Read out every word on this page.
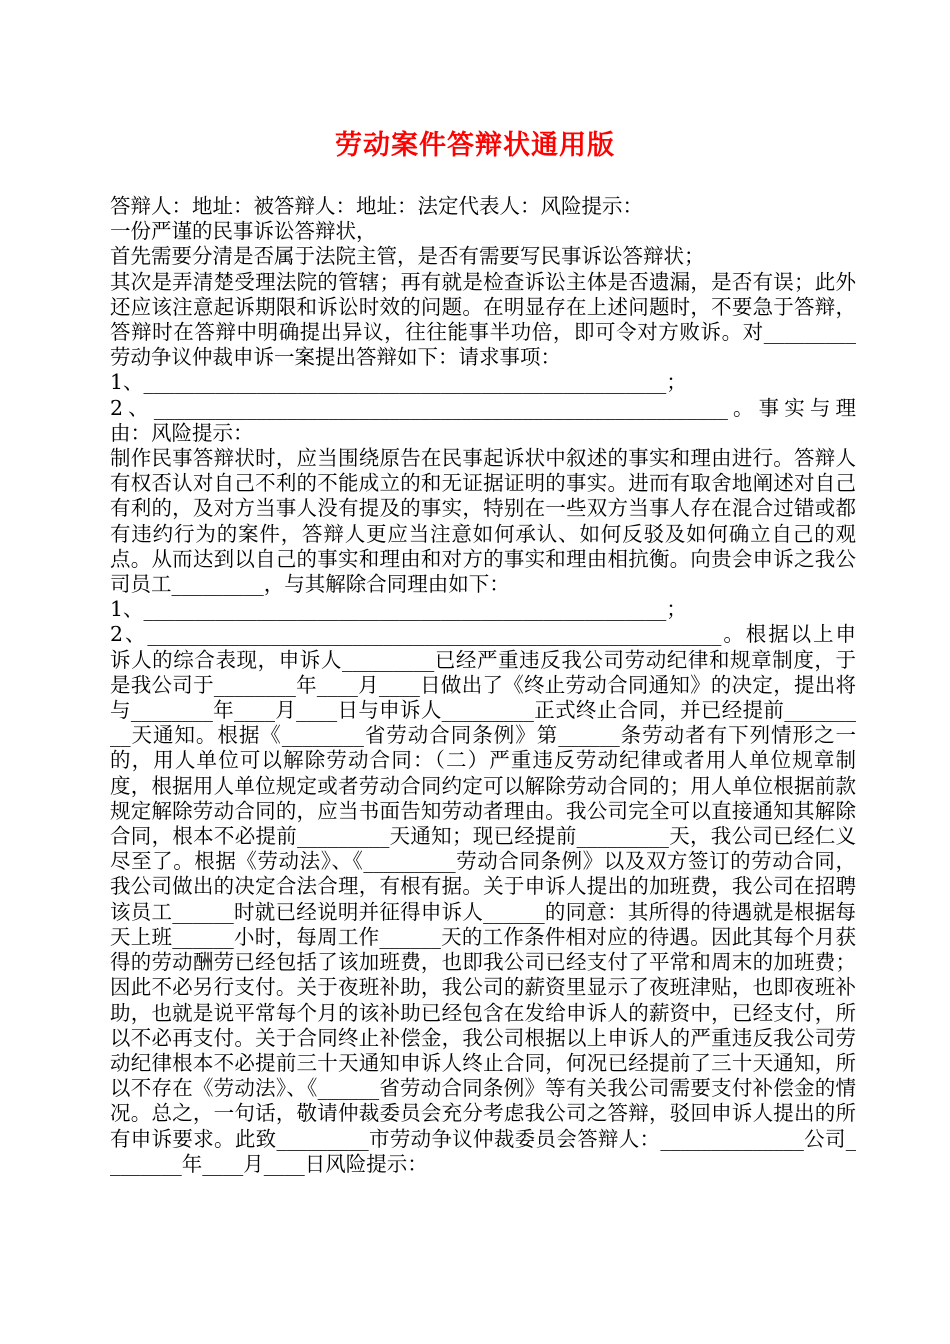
劳动案件答辩状通用版

答辩人：地址：被答辩人：地址：法定代表人：风险提示：

一份严谨的民事诉讼答辩状，

首先需要分清是否属于法院主管，是否有需要写民事诉讼答辩状；

其次是弄清楚受理法院的管辖；再有就是检查诉讼主体是否遗漏，是否有误；此外还应该注意起诉期限和诉讼时效的问题。在明显存在上述问题时，不要急于答辩，答辩时在答辩中明确提出异议，往往能事半功倍，即可令对方败诉。对_________劳动争议仲裁申诉一案提出答辩如下：请求事项：

1、___________________________________________________；

2、________________________________________________________。事实与理由：风险提示：

制作民事答辩状时，应当围绕原告在民事起诉状中叙述的事实和理由进行。答辩人有权否认对自己不利的不能成立的和无证据证明的事实。进而有取舍地阐述对自己有利的，及对方当事人没有提及的事实，特别在一些双方当事人存在混合过错或都有违约行为的案件，答辩人更应当注意如何承认、如何反驳及如何确立自己的观点。从而达到以自己的事实和理由和对方的事实和理由相抗衡。向贵会申诉之我公司员工_________，与其解除合同理由如下：

1、___________________________________________________；

2、________________________________________________________。根据以上申诉人的综合表现，申诉人_________已经严重违反我公司劳动纪律和规章制度，于是我公司于________年____月____日做出了《终止劳动合同通知》的决定，提出将与________年____月____日与申诉人_________正式终止合同，并已经提前_________天通知。根据《________省劳动合同条例》第______条劳动者有下列情形之一的，用人单位可以解除劳动合同：（二）严重违反劳动纪律或者用人单位规章制度，根据用人单位规定或者劳动合同约定可以解除劳动合同的；用人单位根据前款规定解除劳动合同的，应当书面告知劳动者理由。我公司完全可以直接通知其解除合同，根本不必提前_________天通知；现已经提前_________天，我公司已经仁义尽至了。根据《劳动法》、《_________劳动合同条例》以及双方签订的劳动合同，我公司做出的决定合法合理，有根有据。关于申诉人提出的加班费，我公司在招聘该员工______时就已经说明并征得申诉人______的同意：其所得的待遇就是根据每天上班______小时，每周工作______天的工作条件相对应的待遇。因此其每个月获得的劳动酬劳已经包括了该加班费，也即我公司已经支付了平常和周末的加班费；因此不必另行支付。关于夜班补助，我公司的薪资里显示了夜班津贴，也即夜班补助，也就是说平常每个月的该补助已经包含在发给申诉人的薪资中，已经支付，所以不必再支付。关于合同终止补偿金，我公司根据以上申诉人的严重违反我公司劳动纪律根本不必提前三十天通知申诉人终止合同，何况已经提前了三十天通知，所以不存在《劳动法》、《______省劳动合同条例》等有关我公司需要支付补偿金的情况。总之，一句话，敬请仲裁委员会充分考虑我公司之答辩，驳回申诉人提出的所有申诉要求。此致_________市劳动争议仲裁委员会答辩人：______________公司________年____月____日风险提示：
